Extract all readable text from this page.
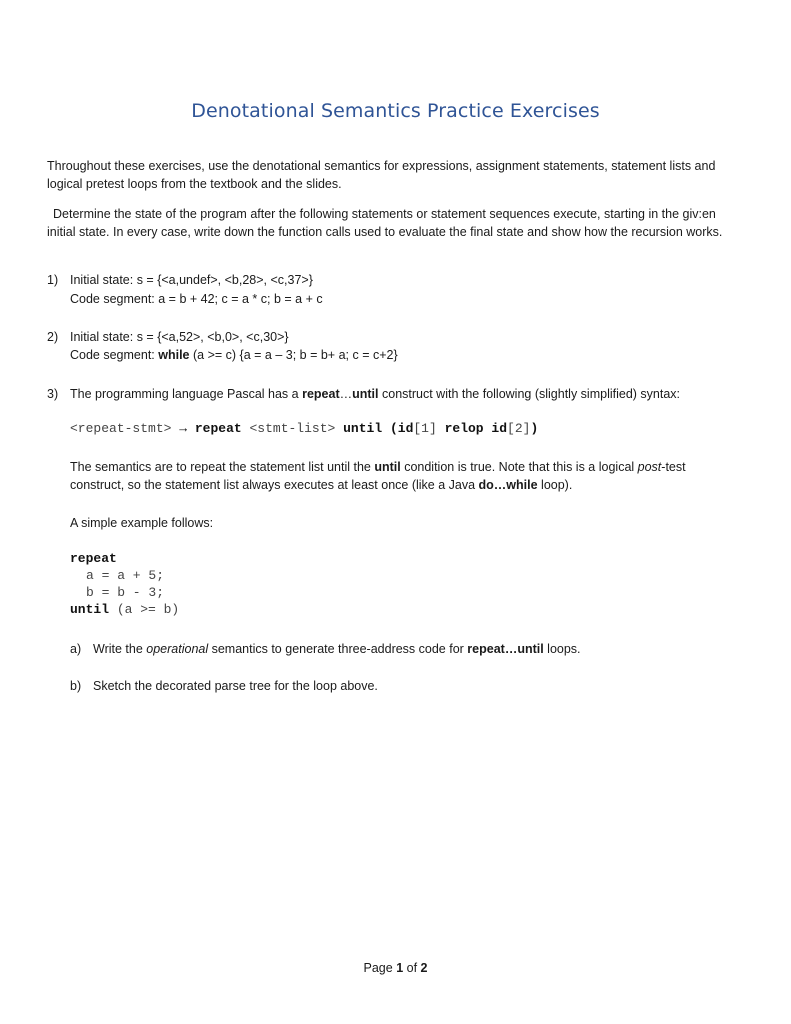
Denotational Semantics Practice Exercises
Throughout these exercises, use the denotational semantics for expressions, assignment statements, statement lists and logical pretest loops from the textbook and the slides.
Determine the state of the program after the following statements or statement sequences execute, starting in the giv:en initial state. In every case, write down the function calls used to evaluate the final state and show how the recursion works.
1) Initial state: s = {<a,undef>, <b,28>, <c,37>}
Code segment: a = b + 42; c = a * c; b = a + c
2) Initial state: s = {<a,52>, <b,0>, <c,30>}
Code segment: while (a >= c) {a = a – 3; b = b+ a; c = c+2}
3) The programming language Pascal has a repeat…until construct with the following (slightly simplified) syntax:
<repeat-stmt> → repeat <stmt-list> until (id[1] relop id[2])
The semantics are to repeat the statement list until the until condition is true. Note that this is a logical post-test construct, so the statement list always executes at least once (like a Java do…while loop).
A simple example follows:
repeat
a = a + 5;
b = b - 3;
until (a >= b)
a) Write the operational semantics to generate three-address code for repeat…until loops.
b) Sketch the decorated parse tree for the loop above.
Page 1 of 2
